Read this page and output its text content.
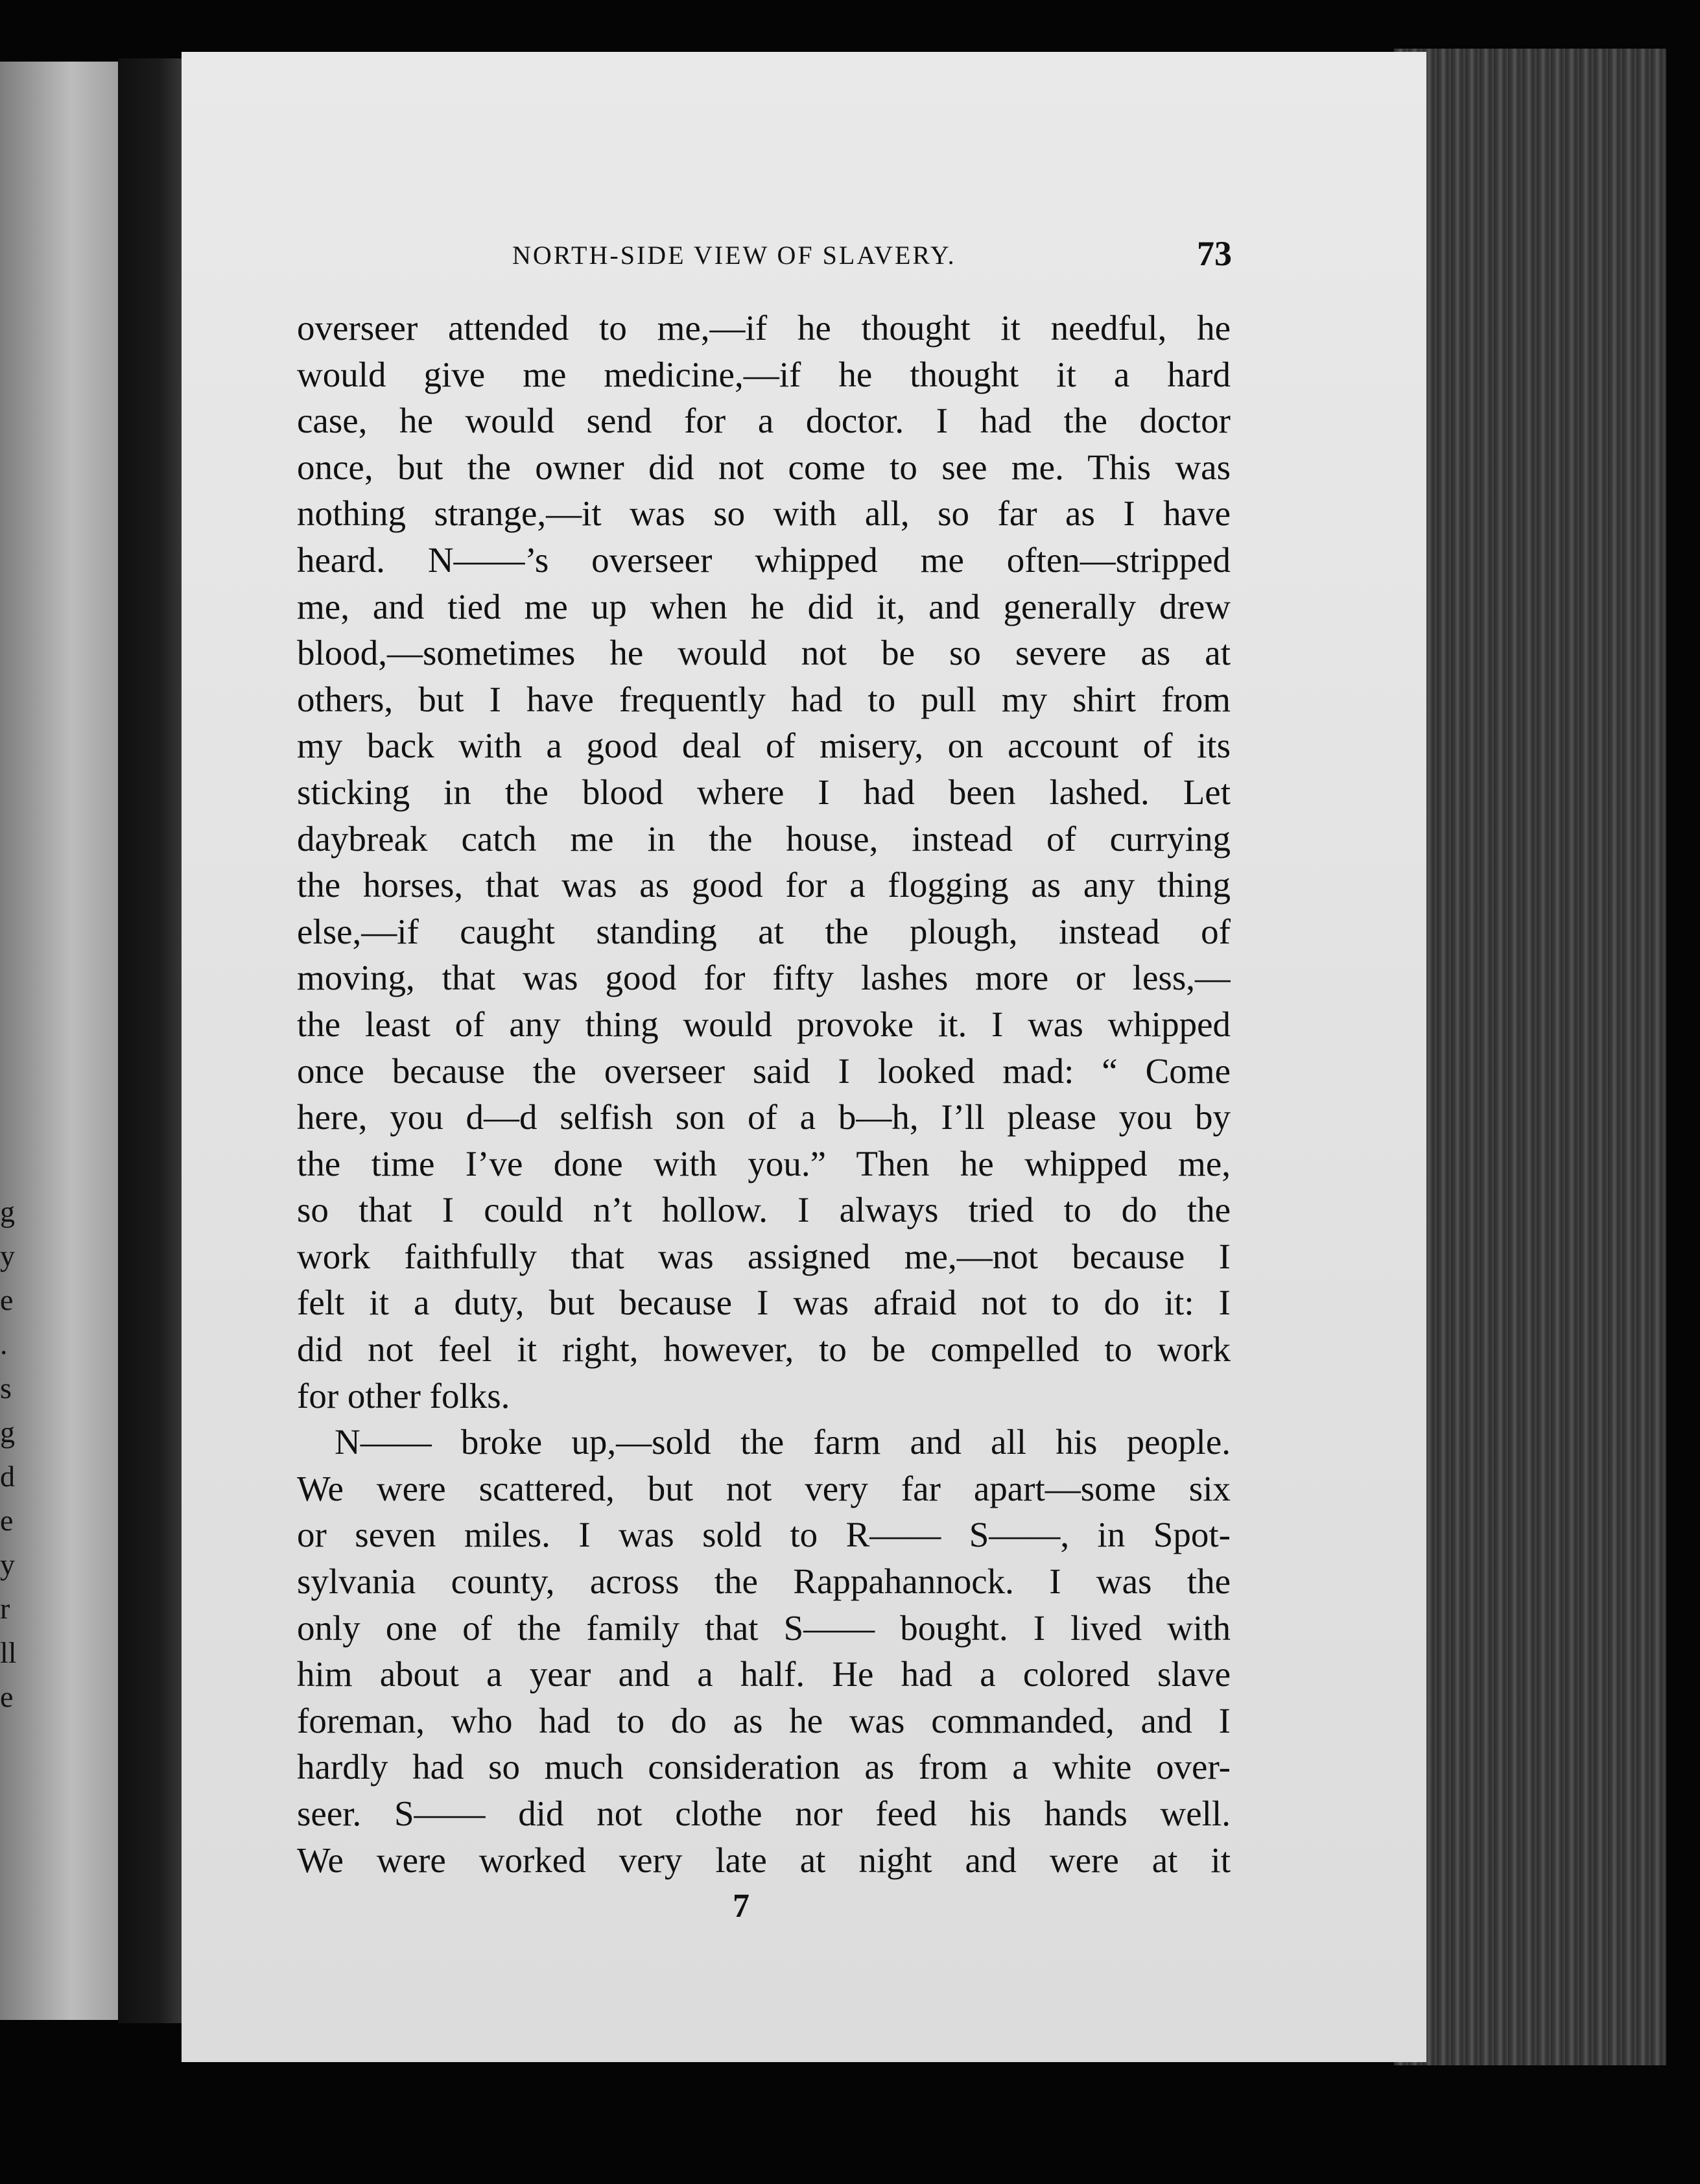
g
y
e
.
s
g
d
e
y
r
ll
e
NORTH-SIDE VIEW OF SLAVERY.	73
overseer attended to me,—if he thought it needful, he
would give me medicine,—if he thought it a hard
case, he would send for a doctor. I had the doctor
once, but the owner did not come to see me. This was
nothing strange,—it was so with all, so far as I have
heard. N——’s overseer whipped me often—stripped
me, and tied me up when he did it, and generally drew
blood,—sometimes he would not be so severe as at
others, but I have frequently had to pull my shirt from
my back with a good deal of misery, on account of its
sticking in the blood where I had been lashed. Let
daybreak catch me in the house, instead of currying
the horses, that was as good for a flogging as any thing
else,—if caught standing at the plough, instead of
moving, that was good for fifty lashes more or less,—
the least of any thing would provoke it. I was whipped
once because the overseer said I looked mad: “ Come
here, you d—d selfish son of a b—h, I’ll please you by
the time I’ve done with you.” Then he whipped me,
so that I could n’t hollow. I always tried to do the
work faithfully that was assigned me,—not because I
felt it a duty, but because I was afraid not to do it: I
did not feel it right, however, to be compelled to work
for other folks.
N—— broke up,—sold the farm and all his people.
We were scattered, but not very far apart—some six
or seven miles. I was sold to R—— S——, in Spot-
sylvania county, across the Rappahannock. I was the
only one of the family that S—— bought. I lived with
him about a year and a half. He had a colored slave
foreman, who had to do as he was commanded, and I
hardly had so much consideration as from a white over-
seer. S—— did not clothe nor feed his hands well.
We were worked very late at night and were at it
7
